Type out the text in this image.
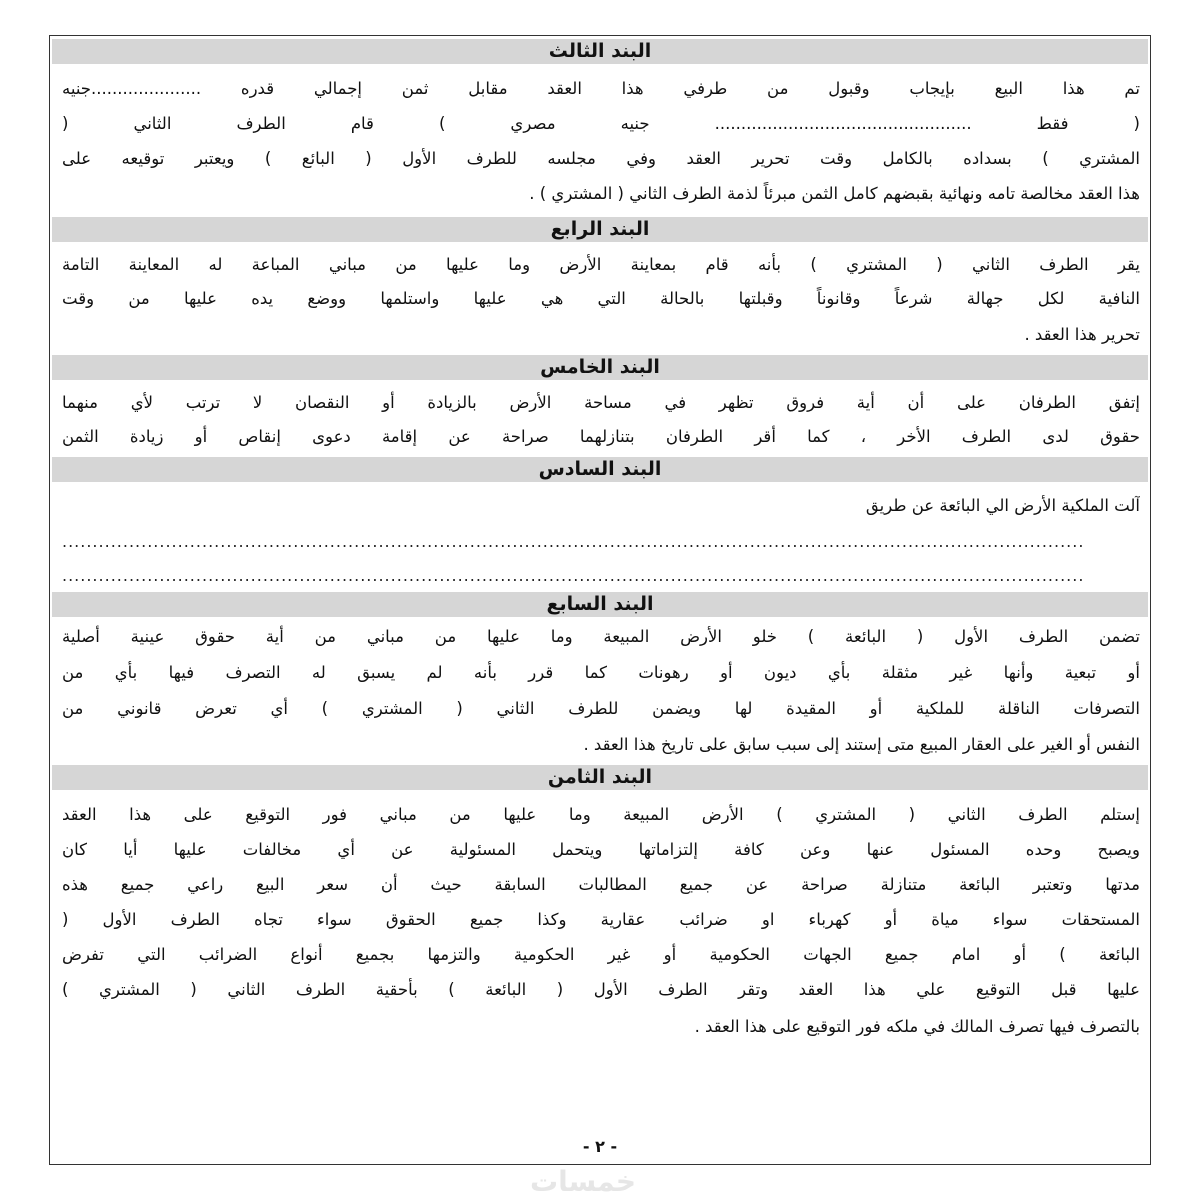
البند الثالث
تم هذا البيع بإيجاب وقبول من طرفي هذا العقد مقابل ثمن إجمالي قدره .....................جنيه
( فقط ................................................. جنيه مصري ) قام الطرف الثاني (
المشتري ) بسداده بالكامل وقت تحرير العقد وفي مجلسه للطرف الأول ( البائع ) ويعتبر توقيعه على
هذا العقد مخالصة تامه ونهائية بقبضهم كامل الثمن مبرئاً لذمة الطرف الثاني ( المشتري ) .
البند الرابع
يقر الطرف الثاني ( المشتري ) بأنه قام بمعاينة الأرض وما عليها من مباني المباعة له المعاينة التامة
النافية لكل جهالة شرعاً وقانوناً وقبلتها بالحالة التي هي عليها واستلمها ووضع يده عليها من وقت
تحرير هذا العقد .
البند الخامس
إتفق الطرفان على أن أية فروق تظهر في مساحة الأرض بالزيادة أو النقصان لا ترتب لأي منهما
حقوق لدى الطرف الأخر ، كما أقر الطرفان بتنازلهما صراحة عن إقامة دعوى إنقاص أو زيادة الثمن
البند السادس
آلت الملكية الأرض الي البائعة عن طريق
........................................................................................................................................................................
........................................................................................................................................................................
البند السابع
تضمن الطرف الأول ( البائعة ) خلو الأرض المبيعة وما عليها من مباني من أية حقوق عينية أصلية
أو تبعية وأنها غير مثقلة بأي ديون أو رهونات كما قرر بأنه لم يسبق له التصرف فيها بأي من
التصرفات الناقلة للملكية أو المقيدة لها ويضمن للطرف الثاني ( المشتري ) أي تعرض قانوني من
النفس أو الغير على العقار المبيع متى إستند إلى سبب سابق على تاريخ هذا العقد .
البند الثامن
إستلم الطرف الثاني ( المشتري ) الأرض المبيعة وما عليها من مباني فور التوقيع على هذا العقد
ويصبح وحده المسئول عنها وعن كافة إلتزاماتها ويتحمل المسئولية عن أي مخالفات عليها أيا كان
مدتها وتعتبر البائعة متنازلة صراحة عن جميع المطالبات السابقة حيث أن سعر البيع راعي جميع هذه
المستحقات سواء مياة أو كهرباء او ضرائب عقارية وكذا جميع الحقوق سواء تجاه الطرف الأول (
البائعة ) أو امام جميع الجهات الحكومية أو غير الحكومية والتزمها بجميع أنواع الضرائب التي تفرض
عليها قبل التوقيع علي هذا العقد وتقر الطرف الأول ( البائعة ) بأحقية الطرف الثاني ( المشتري )
بالتصرف فيها تصرف المالك في ملكه فور التوقيع على هذا العقد .
- ٢ -
خمسات
